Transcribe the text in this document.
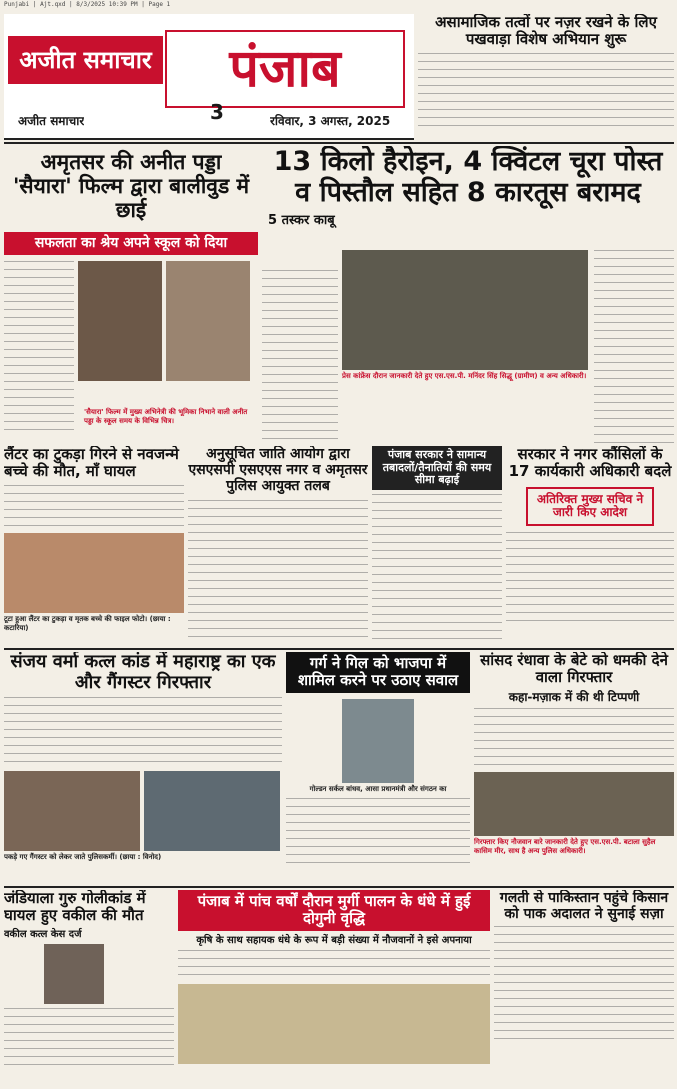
Punjabi | Ajt.qxd | 8/3/2025 10:39 PM | Page 1
अजीत समाचार	पंजाब
अजीत समाचार	3	रविवार, 3 अगस्त, 2025
असामाजिक तत्वों पर नज़र रखने के लिए पखवाड़ा विशेष अभियान शुरू
अमृतसर की अनीत पड्डा 'सैयारा' फिल्म द्वारा बालीवुड में छाई
सफलता का श्रेय अपने स्कूल को दिया
'सैयारा' फिल्म में मुख्य अभिनेत्री की भूमिका निभाने वाली अनीत पड्डा के स्कूल समय के विभिन्न चित्र।
13 किलो हैरोइन, 4 क्विंटल चूरा पोस्त व पिस्तौल सहित 8 कारतूस बरामद
5 तस्कर काबू
प्रेस कांफ्रेंस दौरान जानकारी देते हुए एस.एस.पी. मनिंदर सिंह सिद्धू (ग्रामीण) व अन्य अधिकारी।
लैंटर का टुकड़ा गिरने से नवजन्मे बच्चे की मौत, माँ घायल
टूटा हुआ लैंटर का टुकड़ा व मृतक बच्चे की फाइल फोटो। (छाया : कटारिया)
अनुसूचित जाति आयोग द्वारा एसएसपी एसएएस नगर व अमृतसर पुलिस आयुक्त तलब
पंजाब सरकार ने सामान्य तबादलों/तैनातियों की समय सीमा बढ़ाई
सरकार ने नगर कौंसिलों के 17 कार्यकारी अधिकारी बदले
अतिरिक्त मुख्य सचिव ने जारी किए आदेश
संजय वर्मा कत्ल कांड में महाराष्ट्र का एक और गैंगस्टर गिरफ्तार
पकड़े गए गैंगस्टर को लेकर जाते पुलिसकर्मी। (छाया : विनोद)
गर्ग ने गिल को भाजपा में शामिल करने पर उठाए सवाल
गोल्डन सर्कल बांधव, आसा प्रधानमंत्री और संगठन का
सांसद रंधावा के बेटे को धमकी देने वाला गिरफ्तार
कहा-मज़ाक में की थी टिप्पणी
गिरफ्तार किए नौजवान बारे जानकारी देते हुए एस.एस.पी. बटाला सुहैल कासिम मीर, साथ है अन्य पुलिस अधिकारी।
जंडियाला गुरु गोलीकांड में घायल हुए वकील की मौत
वकील कत्ल केस दर्ज
पंजाब में पांच वर्षों दौरान मुर्गी पालन के धंधे में हुई दोगुनी वृद्धि
कृषि के साथ सहायक धंधे के रूप में बड़ी संख्या में नौजवानों ने इसे अपनाया
गलती से पाकिस्तान पहुंचे किसान को पाक अदालत ने सुनाई सज़ा
